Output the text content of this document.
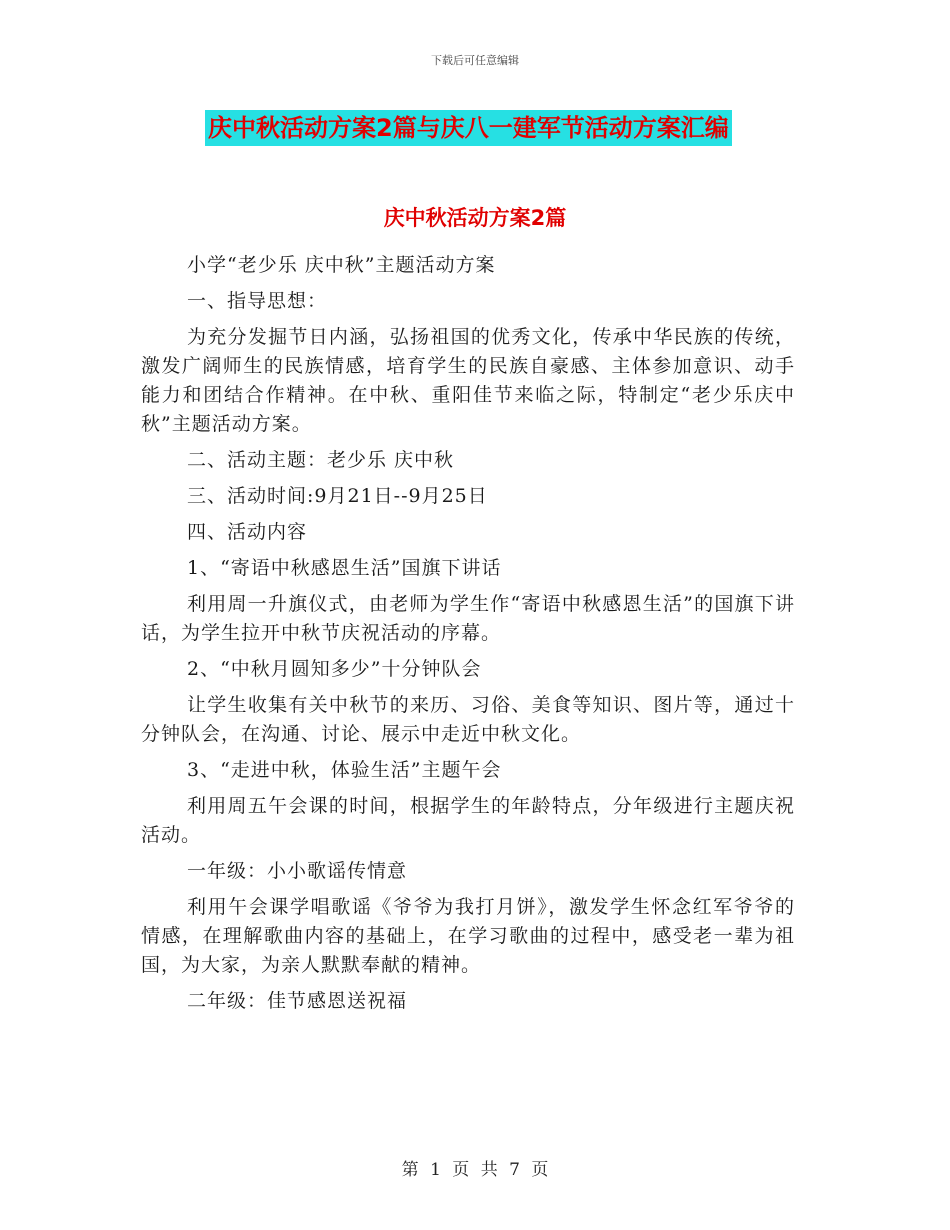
下载后可任意编辑
庆中秋活动方案2篇与庆八一建军节活动方案汇编
庆中秋活动方案2篇

小学“老少乐 庆中秋”主题活动方案

一、指导思想：

为充分发掘节日内涵，弘扬祖国的优秀文化，传承中华民族的传统，激发广阔师生的民族情感，培育学生的民族自豪感、主体参加意识、动手能力和团结合作精神。在中秋、重阳佳节来临之际，特制定“老少乐庆中秋”主题活动方案。

二、活动主题：老少乐 庆中秋

三、活动时间:9月21日--9月25日

四、活动内容

1、“寄语中秋感恩生活”国旗下讲话

利用周一升旗仪式，由老师为学生作“寄语中秋感恩生活”的国旗下讲话，为学生拉开中秋节庆祝活动的序幕。

2、“中秋月圆知多少”十分钟队会

让学生收集有关中秋节的来历、习俗、美食等知识、图片等，通过十分钟队会，在沟通、讨论、展示中走近中秋文化。

3、“走进中秋，体验生活”主题午会

利用周五午会课的时间，根据学生的年龄特点，分年级进行主题庆祝活动。

一年级：小小歌谣传情意

利用午会课学唱歌谣《爷爷为我打月饼》，激发学生怀念红军爷爷的情感，在理解歌曲内容的基础上，在学习歌曲的过程中，感受老一辈为祖国，为大家，为亲人默默奉献的精神。

二年级：佳节感恩送祝福

第 1 页 共 7 页
